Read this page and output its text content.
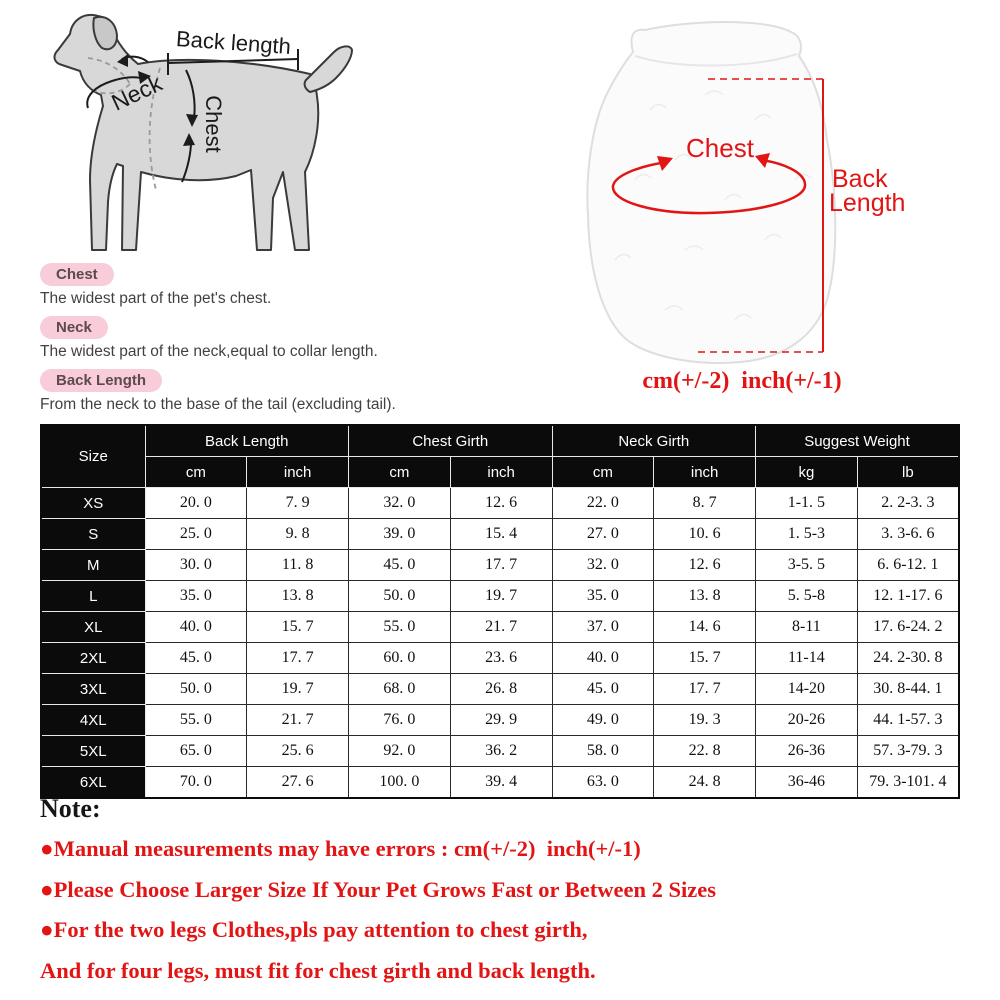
Back length
Neck
Chest	Chest
Back
Length
cm(+/-2)  inch(+/-1)
Chest

The widest part of the pet's chest.

Neck

The widest part of the neck,equal to collar length.

Back Length

From the neck to the base of the tail (excluding tail).

Size	Back Length		Chest Girth		Neck Girth		Suggest Weight	
	cm	inch	cm	inch	cm	inch	kg	lb
XS	20. 0	7. 9	32. 0	12. 6	22. 0	8. 7	1-1. 5	2. 2-3. 3
S	25. 0	9. 8	39. 0	15. 4	27. 0	10. 6	1. 5-3	3. 3-6. 6
M	30. 0	11. 8	45. 0	17. 7	32. 0	12. 6	3-5. 5	6. 6-12. 1
L	35. 0	13. 8	50. 0	19. 7	35. 0	13. 8	5. 5-8	12. 1-17. 6
XL	40. 0	15. 7	55. 0	21. 7	37. 0	14. 6	8-11	17. 6-24. 2
2XL	45. 0	17. 7	60. 0	23. 6	40. 0	15. 7	11-14	24. 2-30. 8
3XL	50. 0	19. 7	68. 0	26. 8	45. 0	17. 7	14-20	30. 8-44. 1
4XL	55. 0	21. 7	76. 0	29. 9	49. 0	19. 3	20-26	44. 1-57. 3
5XL	65. 0	25. 6	92. 0	36. 2	58. 0	22. 8	26-36	57. 3-79. 3
6XL	70. 0	27. 6	100. 0	39. 4	63. 0	24. 8	36-46	79. 3-101. 4

Note:

●Manual measurements may have errors : cm(+/-2)  inch(+/-1)

●Please Choose Larger Size If Your Pet Grows Fast or Between 2 Sizes

●For the two legs Clothes,pls pay attention to chest girth,

And for four legs, must fit for chest girth and back length.
